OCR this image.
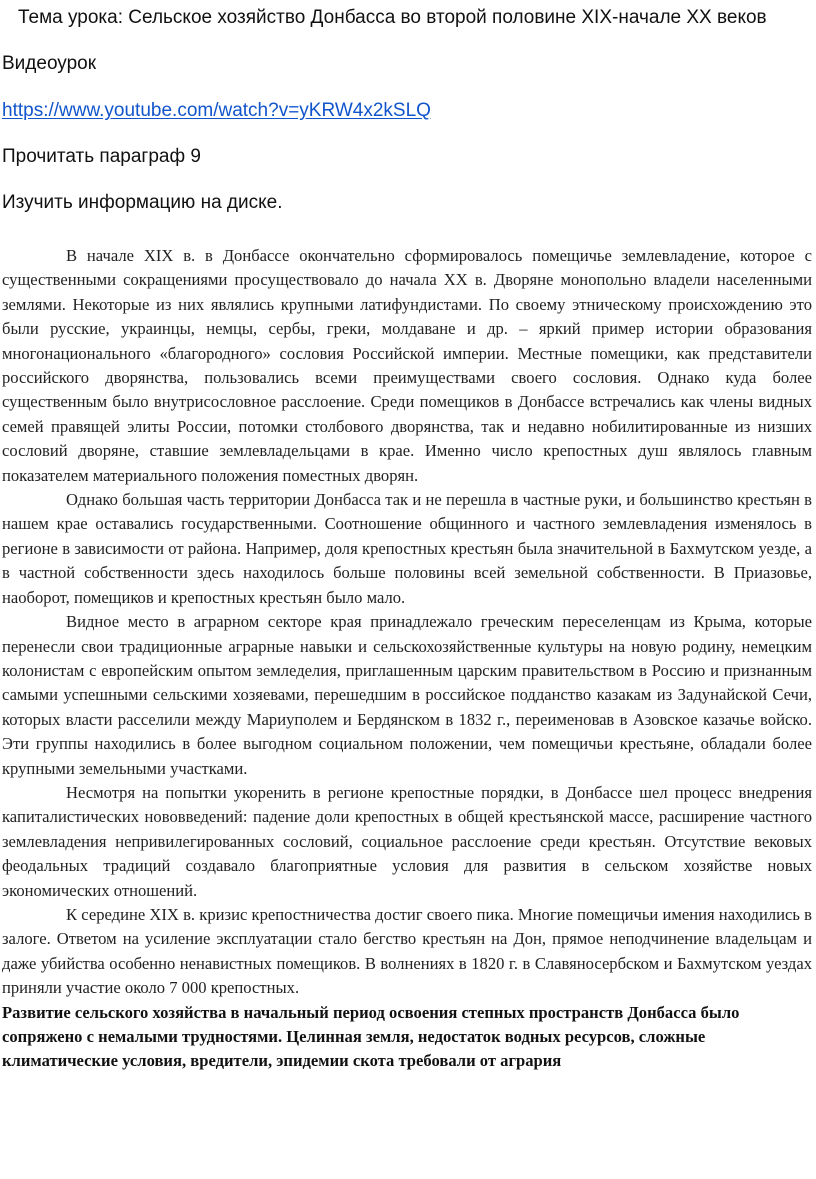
Тема урока: Сельское хозяйство Донбасса во второй половине XIX-начале XX веков
Видеоурок
https://www.youtube.com/watch?v=yKRW4x2kSLQ
Прочитать параграф 9
Изучить информацию на диске.

В начале XIX в. в Донбассе окончательно сформировалось помещичье землевладение, которое с существенными сокращениями просуществовало до начала XX в. Дворяне монопольно владели населенными землями. Некоторые из них являлись крупными латифундистами. По своему этническому происхождению это были русские, украинцы, немцы, сербы, греки, молдаване и др. – яркий пример истории образования многонационального «благородного» сословия Российской империи. Местные помещики, как представители российского дворянства, пользовались всеми преимуществами своего сословия. Однако куда более существенным было внутрисословное расслоение. Среди помещиков в Донбассе встречались как члены видных семей правящей элиты России, потомки столбового дворянства, так и недавно нобилитированные из низших сословий дворяне, ставшие землевладельцами в крае. Именно число крепостных душ являлось главным показателем материального положения поместных дворян.

Однако большая часть территории Донбасса так и не перешла в частные руки, и большинство крестьян в нашем крае оставались государственными. Соотношение общинного и частного землевладения изменялось в регионе в зависимости от района. Например, доля крепостных крестьян была значительной в Бахмутском уезде, а в частной собственности здесь находилось больше половины всей земельной собственности. В Приазовье, наоборот, помещиков и крепостных крестьян было мало.

Видное место в аграрном секторе края принадлежало греческим переселенцам из Крыма, которые перенесли свои традиционные аграрные навыки и сельскохозяйственные культуры на новую родину, немецким колонистам с европейским опытом земледелия, приглашенным царским правительством в Россию и признанным самыми успешными сельскими хозяевами, перешедшим в российское подданство казакам из Задунайской Сечи, которых власти расселили между Мариуполем и Бердянском в 1832 г., переименовав в Азовское казачье войско. Эти группы находились в более выгодном социальном положении, чем помещичьи крестьяне, обладали более крупными земельными участками.

Несмотря на попытки укоренить в регионе крепостные порядки, в Донбассе шел процесс внедрения капиталистических нововведений: падение доли крепостных в общей крестьянской массе, расширение частного землевладения непривилегированных сословий, социальное расслоение среди крестьян. Отсутствие вековых феодальных традиций создавало благоприятные условия для развития в сельском хозяйстве новых экономических отношений.

К середине XIX в. кризис крепостничества достиг своего пика. Многие помещичьи имения находились в залоге. Ответом на усиление эксплуатации стало бегство крестьян на Дон, прямое неподчинение владельцам и даже убийства особенно ненавистных помещиков. В волнениях в 1820 г. в Славяносербском и Бахмутском уездах приняли участие около 7 000 крепостных.

Развитие сельского хозяйства в начальный период освоения степных пространств Донбасса было сопряжено с немалыми трудностями. Целинная земля, недостаток водных ресурсов, сложные климатические условия, вредители, эпидемии скота требовали от агрария
